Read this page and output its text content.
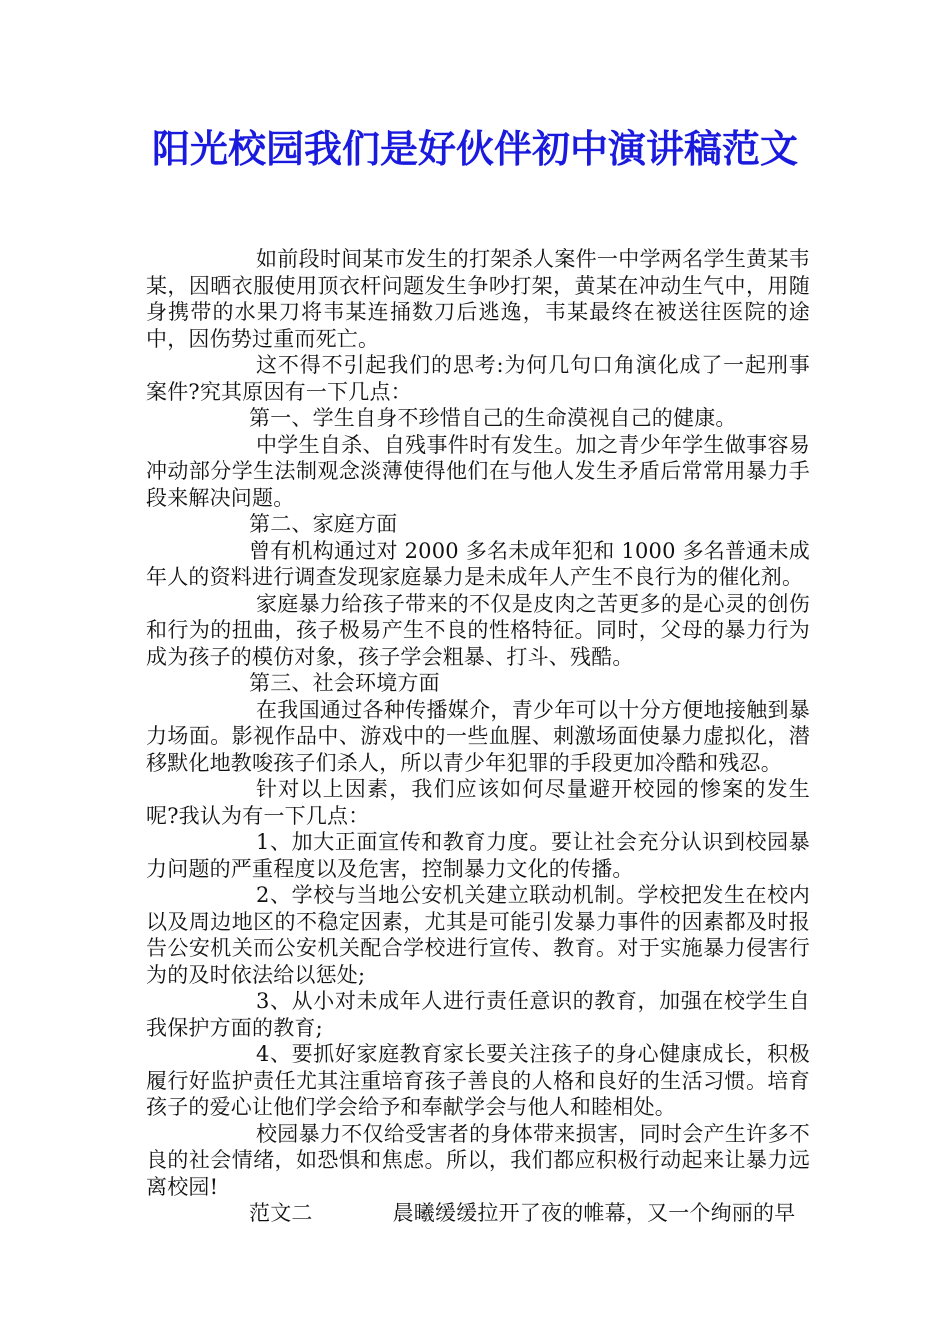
阳光校园我们是好伙伴初中演讲稿范文

如前段时间某市发生的打架杀人案件一中学两名学生黄某韦某，因晒衣服使用顶衣杆问题发生争吵打架，黄某在冲动生气中，用随身携带的水果刀将韦某连捅数刀后逃逸，韦某最终在被送往医院的途中，因伤势过重而死亡。

这不得不引起我们的思考:为何几句口角演化成了一起刑事案件?究其原因有一下几点：

第一、学生自身不珍惜自己的生命漠视自己的健康。

中学生自杀、自残事件时有发生。加之青少年学生做事容易冲动部分学生法制观念淡薄使得他们在与他人发生矛盾后常常用暴力手段来解决问题。

第二、家庭方面

曾有机构通过对 2000 多名未成年犯和 1000 多名普通未成年人的资料进行调查发现家庭暴力是未成年人产生不良行为的催化剂。

家庭暴力给孩子带来的不仅是皮肉之苦更多的是心灵的创伤和行为的扭曲，孩子极易产生不良的性格特征。同时，父母的暴力行为成为孩子的模仿对象，孩子学会粗暴、打斗、残酷。

第三、社会环境方面

在我国通过各种传播媒介，青少年可以十分方便地接触到暴力场面。影视作品中、游戏中的一些血腥、刺激场面使暴力虚拟化，潜移默化地教唆孩子们杀人，所以青少年犯罪的手段更加冷酷和残忍。

针对以上因素，我们应该如何尽量避开校园的惨案的发生呢?我认为有一下几点：

1、加大正面宣传和教育力度。要让社会充分认识到校园暴力问题的严重程度以及危害，控制暴力文化的传播。

2、学校与当地公安机关建立联动机制。学校把发生在校内以及周边地区的不稳定因素，尤其是可能引发暴力事件的因素都及时报告公安机关而公安机关配合学校进行宣传、教育。对于实施暴力侵害行为的及时依法给以惩处;

3、从小对未成年人进行责任意识的教育，加强在校学生自我保护方面的教育;

4、要抓好家庭教育家长要关注孩子的身心健康成长，积极履行好监护责任尤其注重培育孩子善良的人格和良好的生活习惯。培育孩子的爱心让他们学会给予和奉献学会与他人和睦相处。

校园暴力不仅给受害者的身体带来损害，同时会产生许多不良的社会情绪，如恐惧和焦虑。所以，我们都应积极行动起来让暴力远离校园!

范文二	晨曦缓缓拉开了夜的帷幕，又一个绚丽的早
